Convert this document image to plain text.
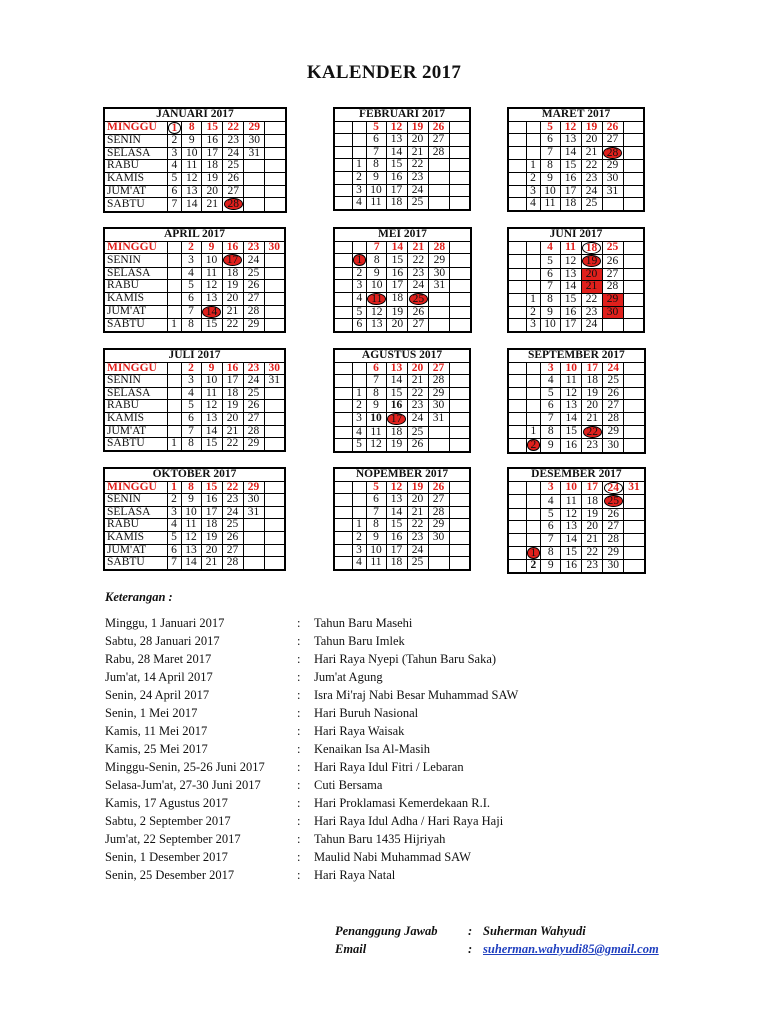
KALENDER 2017
JANUARI 2017						
MINGGU	1	8	15	22	29	
SENIN	2	9	16	23	30	
SELASA	3	10	17	24	31	
RABU	4	11	18	25		
KAMIS	5	12	19	26		
JUM'AT	6	13	20	27		
SABTU	7	14	21	28		
FEBRUARI 2017						
		5	12	19	26	
		6	13	20	27	
		7	14	21	28	
	1	8	15	22		
	2	9	16	23		
	3	10	17	24		
	4	11	18	25		
MARET 2017						
		5	12	19	26	
		6	13	20	27	
		7	14	21	28	
	1	8	15	22	29	
	2	9	16	23	30	
	3	10	17	24	31	
	4	11	18	25		
APRIL 2017						
MINGGU		2	9	16	23	30
SENIN		3	10	17	24	
SELASA		4	11	18	25	
RABU		5	12	19	26	
KAMIS		6	13	20	27	
JUM'AT		7	14	21	28	
SABTU	1	8	15	22	29	
MEI 2017						
		7	14	21	28	
	1	8	15	22	29	
	2	9	16	23	30	
	3	10	17	24	31	
	4	11	18	25		
	5	12	19	26		
	6	13	20	27		
JUNI 2017						
		4	11	18	25	
		5	12	19	26	
		6	13	20	27	
		7	14	21	28	
	1	8	15	22	29	
	2	9	16	23	30	
	3	10	17	24		
JULI 2017						
MINGGU		2	9	16	23	30
SENIN		3	10	17	24	31
SELASA		4	11	18	25	
RABU		5	12	19	26	
KAMIS		6	13	20	27	
JUM'AT		7	14	21	28	
SABTU	1	8	15	22	29	
AGUSTUS 2017						
		6	13	20	27	
		7	14	21	28	
	1	8	15	22	29	
	2	9	16	23	30	
	3	10	17	24	31	
	4	11	18	25		
	5	12	19	26		
SEPTEMBER 2017						
		3	10	17	24	
		4	11	18	25	
		5	12	19	26	
		6	13	20	27	
		7	14	21	28	
	1	8	15	22	29	
	2	9	16	23	30	
OKTOBER 2017						
MINGGU	1	8	15	22	29	
SENIN	2	9	16	23	30	
SELASA	3	10	17	24	31	
RABU	4	11	18	25		
KAMIS	5	12	19	26		
JUM'AT	6	13	20	27		
SABTU	7	14	21	28		
NOPEMBER 2017						
		5	12	19	26	
		6	13	20	27	
		7	14	21	28	
	1	8	15	22	29	
	2	9	16	23	30	
	3	10	17	24		
	4	11	18	25		
DESEMBER 2017						
		3	10	17	24	31
		4	11	18	25	
		5	12	19	26	
		6	13	20	27	
		7	14	21	28	
	1	8	15	22	29	
	2	9	16	23	30	
Keterangan :
Minggu, 1 Januari 2017	: Tahun Baru Masehi
Sabtu, 28 Januari 2017	: Tahun Baru Imlek
Rabu, 28 Maret 2017	: Hari Raya Nyepi (Tahun Baru Saka)
Jum'at, 14 April 2017	: Jum'at Agung
Senin, 24 April 2017	: Isra Mi'raj Nabi Besar Muhammad SAW
Senin, 1 Mei 2017	: Hari Buruh Nasional
Kamis, 11 Mei 2017	: Hari Raya Waisak
Kamis, 25 Mei 2017	: Kenaikan Isa Al-Masih
Minggu-Senin, 25-26 Juni 2017	: Hari Raya Idul Fitri / Lebaran
Selasa-Jum'at, 27-30 Juni 2017	: Cuti Bersama
Kamis, 17 Agustus 2017	: Hari Proklamasi Kemerdekaan R.I.
Sabtu, 2 September 2017	: Hari Raya Idul Adha / Hari Raya Haji
Jum'at, 22 September 2017	: Tahun Baru 1435 Hijriyah
Senin, 1 Desember 2017	: Maulid Nabi Muhammad SAW
Senin, 25 Desember 2017	: Hari Raya Natal
Penanggung Jawab : Suherman Wahyudi
Email	: suherman.wahyudi85@gmail.com
